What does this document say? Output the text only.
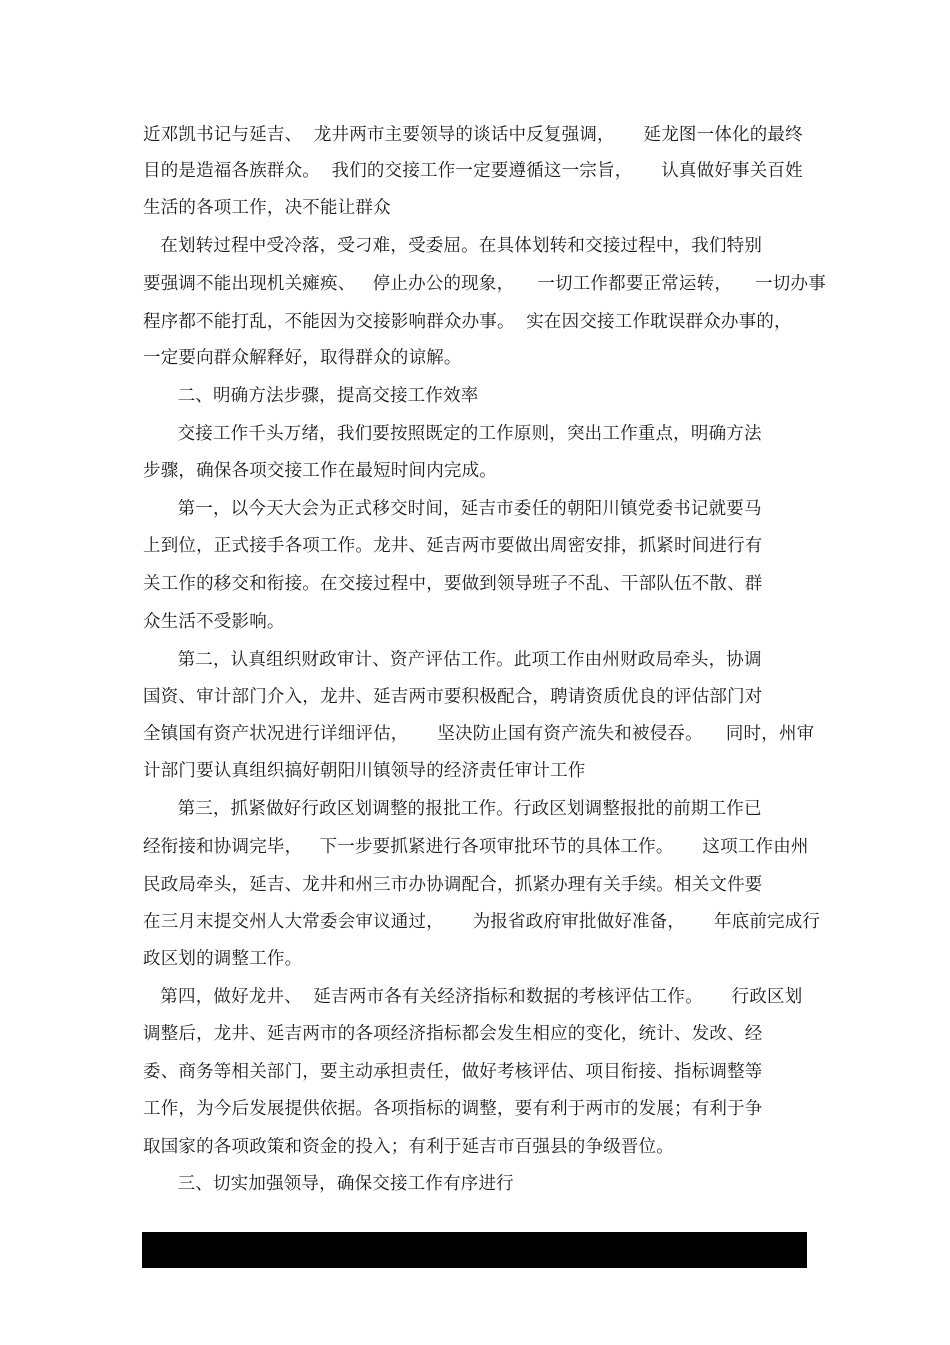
近邓凯书记与延吉、  龙井两市主要领导的谈话中反复强调，     延龙图一体化的最终
目的是造福各族群众。  我们的交接工作一定要遵循这一宗旨，     认真做好事关百姓
生活的各项工作，决不能让群众
在划转过程中受冷落，受刁难，受委屈。在具体划转和交接过程中，我们特别
要强调不能出现机关瘫痪、   停止办公的现象，    一切工作都要正常运转，    一切办事
程序都不能打乱，不能因为交接影响群众办事。  实在因交接工作耽误群众办事的，
一定要向群众解释好，取得群众的谅解。
二、明确方法步骤，提高交接工作效率
交接工作千头万绪，我们要按照既定的工作原则，突出工作重点，明确方法
步骤，确保各项交接工作在最短时间内完成。
第一，以今天大会为正式移交时间，延吉市委任的朝阳川镇党委书记就要马
上到位，正式接手各项工作。龙井、延吉两市要做出周密安排，抓紧时间进行有
关工作的移交和衔接。在交接过程中，要做到领导班子不乱、干部队伍不散、群
众生活不受影响。
第二，认真组织财政审计、资产评估工作。此项工作由州财政局牵头，协调
国资、审计部门介入，龙井、延吉两市要积极配合，聘请资质优良的评估部门对
全镇国有资产状况进行详细评估，     坚决防止国有资产流失和被侵吞。    同时，州审
计部门要认真组织搞好朝阳川镇领导的经济责任审计工作
第三，抓紧做好行政区划调整的报批工作。行政区划调整报批的前期工作已
经衔接和协调完毕，   下一步要抓紧进行各项审批环节的具体工作。     这项工作由州
民政局牵头，延吉、龙井和州三市办协调配合，抓紧办理有关手续。相关文件要
在三月末提交州人大常委会审议通过，     为报省政府审批做好准备，     年底前完成行
政区划的调整工作。
第四，做好龙井、  延吉两市各有关经济指标和数据的考核评估工作。     行政区划
调整后，龙井、延吉两市的各项经济指标都会发生相应的变化，统计、发改、经
委、商务等相关部门，要主动承担责任，做好考核评估、项目衔接、指标调整等
工作，为今后发展提供依据。各项指标的调整，要有利于两市的发展；有利于争
取国家的各项政策和资金的投入；有利于延吉市百强县的争级晋位。
三、切实加强领导，确保交接工作有序进行
